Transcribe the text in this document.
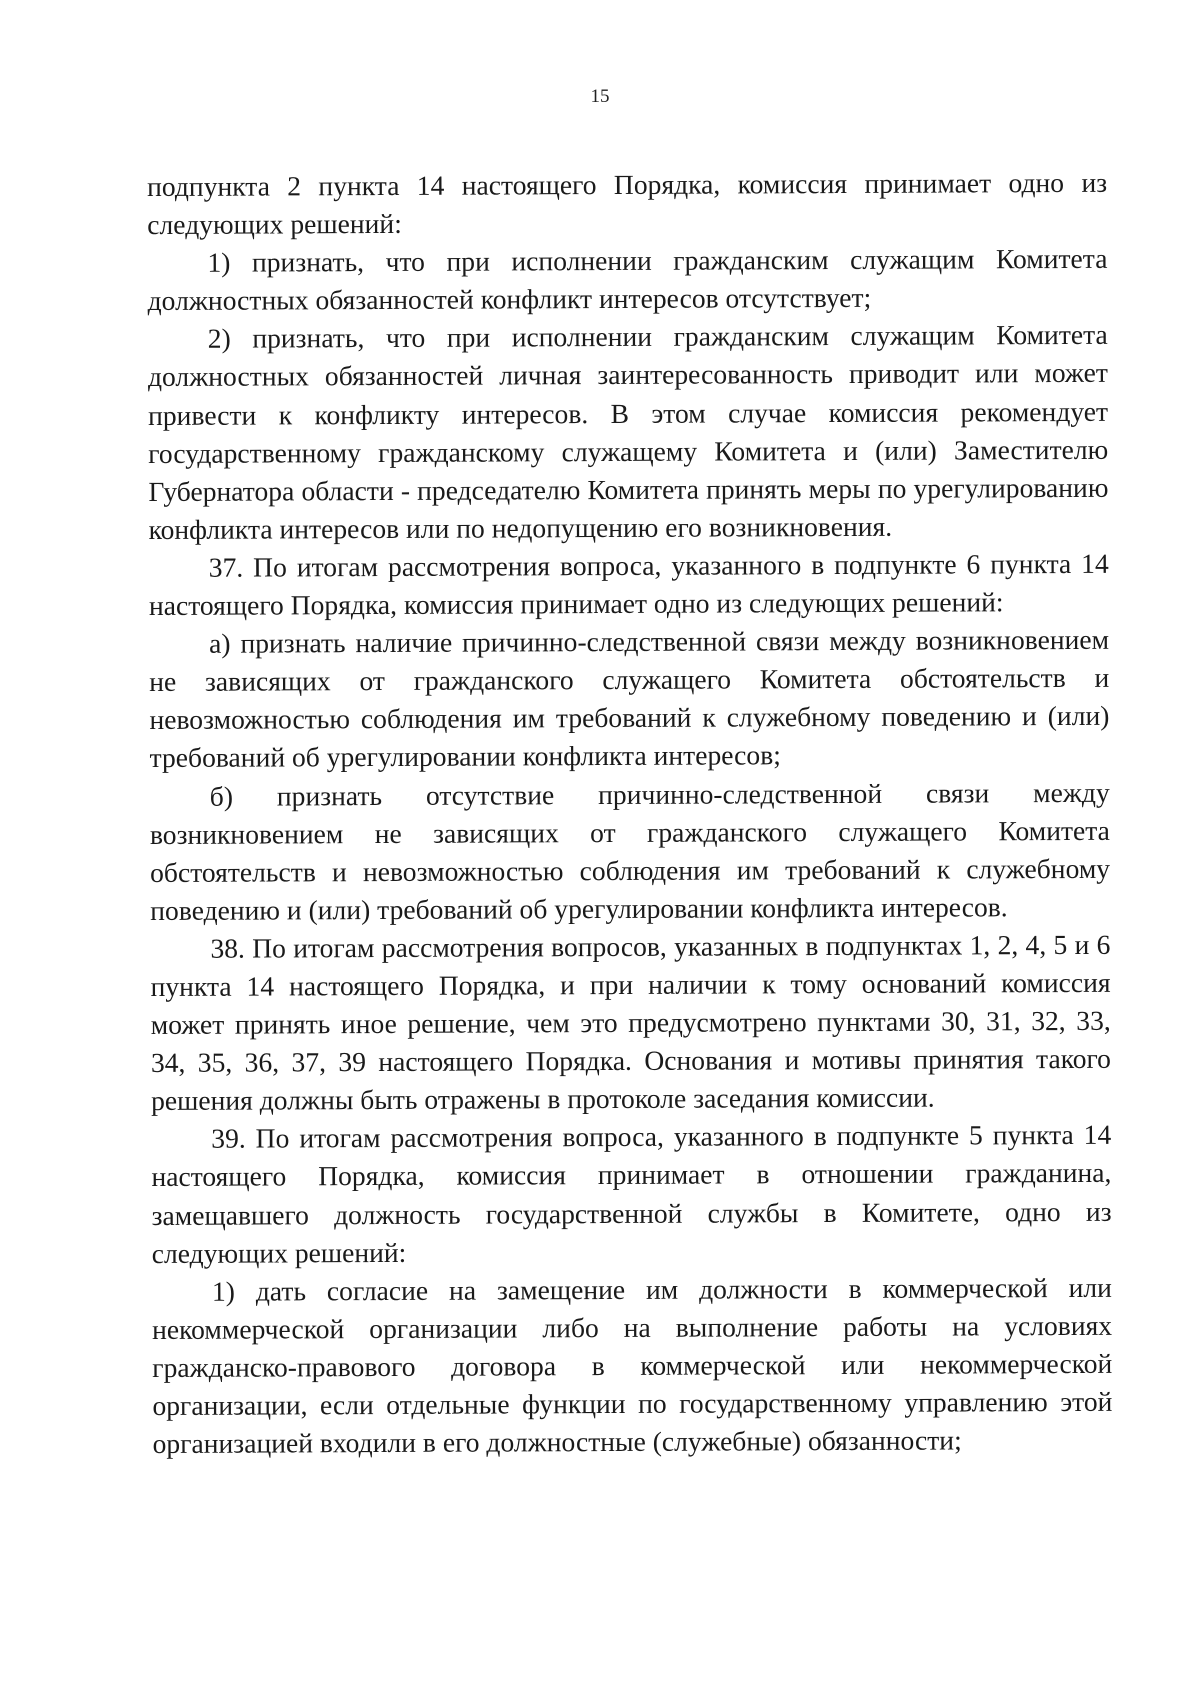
15

подпункта 2 пункта 14 настоящего Порядка, комиссия принимает одно из следующих решений:

1) признать, что при исполнении гражданским служащим Комитета должностных обязанностей конфликт интересов отсутствует;

2) признать, что при исполнении гражданским служащим Комитета должностных обязанностей личная заинтересованность приводит или может привести к конфликту интересов. В этом случае комиссия рекомендует государственному гражданскому служащему Комитета и (или) Заместителю Губернатора области - председателю Комитета принять меры по урегулированию конфликта интересов или по недопущению его возникновения.

37. По итогам рассмотрения вопроса, указанного в подпункте 6 пункта 14 настоящего Порядка, комиссия принимает одно из следующих решений:

а) признать наличие причинно-следственной связи между возникновением не зависящих от гражданского служащего Комитета обстоятельств и невозможностью соблюдения им требований к служебному поведению и (или) требований об урегулировании конфликта интересов;

б) признать отсутствие причинно-следственной связи между возникновением не зависящих от гражданского служащего Комитета обстоятельств и невозможностью соблюдения им требований к служебному поведению и (или) требований об урегулировании конфликта интересов.

38. По итогам рассмотрения вопросов, указанных в подпунктах 1, 2, 4, 5 и 6 пункта 14 настоящего Порядка, и при наличии к тому оснований комиссия может принять иное решение, чем это предусмотрено пунктами 30, 31, 32, 33, 34, 35, 36, 37, 39 настоящего Порядка. Основания и мотивы принятия такого решения должны быть отражены в протоколе заседания комиссии.

39. По итогам рассмотрения вопроса, указанного в подпункте 5 пункта 14 настоящего Порядка, комиссия принимает в отношении гражданина, замещавшего должность государственной службы в Комитете, одно из следующих решений:

1) дать согласие на замещение им должности в коммерческой или некоммерческой организации либо на выполнение работы на условиях гражданско-правового договора в коммерческой или некоммерческой организации, если отдельные функции по государственному управлению этой организацией входили в его должностные (служебные) обязанности;
